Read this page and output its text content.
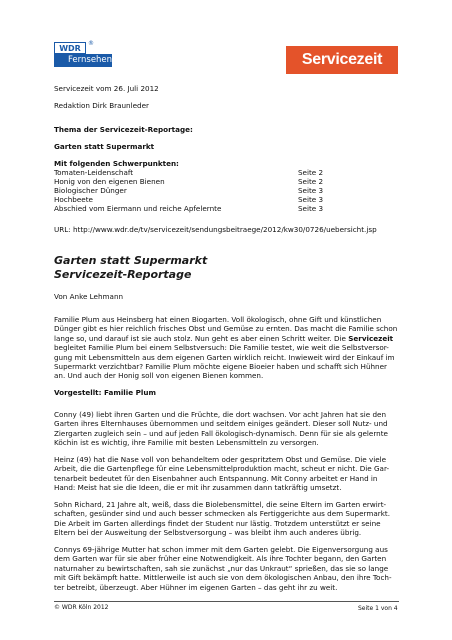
WDR
®
Fernsehen	Servicezeit
Servicezeit vom 26. Juli 2012
Redaktion Dirk Braunleder
Thema der Servicezeit-Reportage:
Garten statt Supermarkt
Mit folgenden Schwerpunkten:
Tomaten-Leidenschaft	Seite 2
Honig von den eigenen Bienen	Seite 2
Biologischer Dünger	Seite 3
Hochbeete	Seite 3
Abschied vom Eiermann und reiche Apfelernte	Seite 3
URL: http://www.wdr.de/tv/servicezeit/sendungsbeitraege/2012/kw30/0726/uebersicht.jsp
Garten statt Supermarkt
Servicezeit-Reportage
Von Anke Lehmann
Familie Plum aus Heinsberg hat einen Biogarten. Voll ökologisch, ohne Gift und künstlichen
Dünger gibt es hier reichlich frisches Obst und Gemüse zu ernten. Das macht die Familie schon
lange so, und darauf ist sie auch stolz. Nun geht es aber einen Schritt weiter. Die Servicezeit
begleitet Familie Plum bei einem Selbstversuch: Die Familie testet, wie weit die Selbstversor-
gung mit Lebensmitteln aus dem eigenen Garten wirklich reicht. Inwieweit wird der Einkauf im
Supermarkt verzichtbar? Familie Plum möchte eigene Bioeier haben und schafft sich Hühner
an. Und auch der Honig soll von eigenen Bienen kommen.
Vorgestellt: Familie Plum
Conny (49) liebt ihren Garten und die Früchte, die dort wachsen. Vor acht Jahren hat sie den
Garten ihres Elternhauses übernommen und seitdem einiges geändert. Dieser soll Nutz- und
Ziergarten zugleich sein – und auf jeden Fall ökologisch-dynamisch. Denn für sie als gelernte
Köchin ist es wichtig, ihre Familie mit besten Lebensmitteln zu versorgen.
Heinz (49) hat die Nase voll von behandeltem oder gespritztem Obst und Gemüse. Die viele
Arbeit, die die Gartenpflege für eine Lebensmittelproduktion macht, scheut er nicht. Die Gar-
tenarbeit bedeutet für den Eisenbahner auch Entspannung. Mit Conny arbeitet er Hand in
Hand: Meist hat sie die Ideen, die er mit ihr zusammen dann tatkräftig umsetzt.
Sohn Richard, 21 Jahre alt, weiß, dass die Biolebensmittel, die seine Eltern im Garten erwirt-
schaften, gesünder sind und auch besser schmecken als Fertiggerichte aus dem Supermarkt.
Die Arbeit im Garten allerdings findet der Student nur lästig. Trotzdem unterstützt er seine
Eltern bei der Ausweitung der Selbstversorgung – was bleibt ihm auch anderes übrig.
Connys 69-jährige Mutter hat schon immer mit dem Garten gelebt. Die Eigenversorgung aus
dem Garten war für sie aber früher eine Notwendigkeit. Als ihre Tochter begann, den Garten
naturnaher zu bewirtschaften, sah sie zunächst „nur das Unkraut“ sprießen, das sie so lange
mit Gift bekämpft hatte. Mittlerweile ist auch sie von dem ökologischen Anbau, den ihre Toch-
ter betreibt, überzeugt. Aber Hühner im eigenen Garten – das geht ihr zu weit.
© WDR Köln 2012	Seite 1 von 4
